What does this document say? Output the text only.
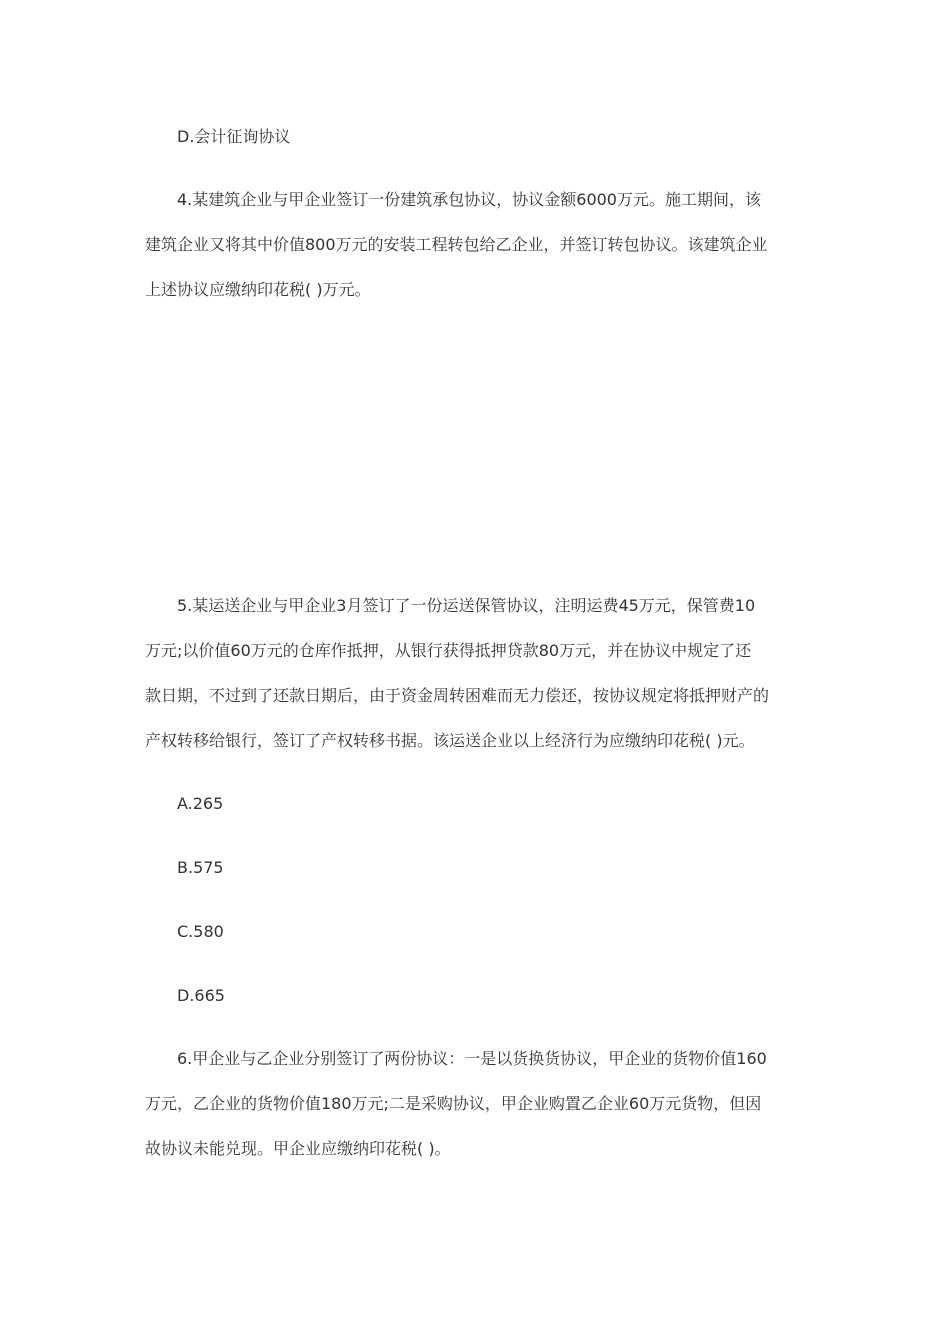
D.会计征询协议
4.某建筑企业与甲企业签订一份建筑承包协议，协议金额6000万元。施工期间，该
建筑企业又将其中价值800万元的安装工程转包给乙企业，并签订转包协议。该建筑企业
上述协议应缴纳印花税( )万元。
5.某运送企业与甲企业3月签订了一份运送保管协议，注明运费45万元，保管费10
万元;以价值60万元的仓库作抵押，从银行获得抵押贷款80万元，并在协议中规定了还
款日期，不过到了还款日期后，由于资金周转困难而无力偿还，按协议规定将抵押财产的
产权转移给银行，签订了产权转移书据。该运送企业以上经济行为应缴纳印花税( )元。
A.265
B.575
C.580
D.665
6.甲企业与乙企业分别签订了两份协议：一是以货换货协议，甲企业的货物价值160
万元，乙企业的货物价值180万元;二是采购协议，甲企业购置乙企业60万元货物，但因
故协议未能兑现。甲企业应缴纳印花税( )。
